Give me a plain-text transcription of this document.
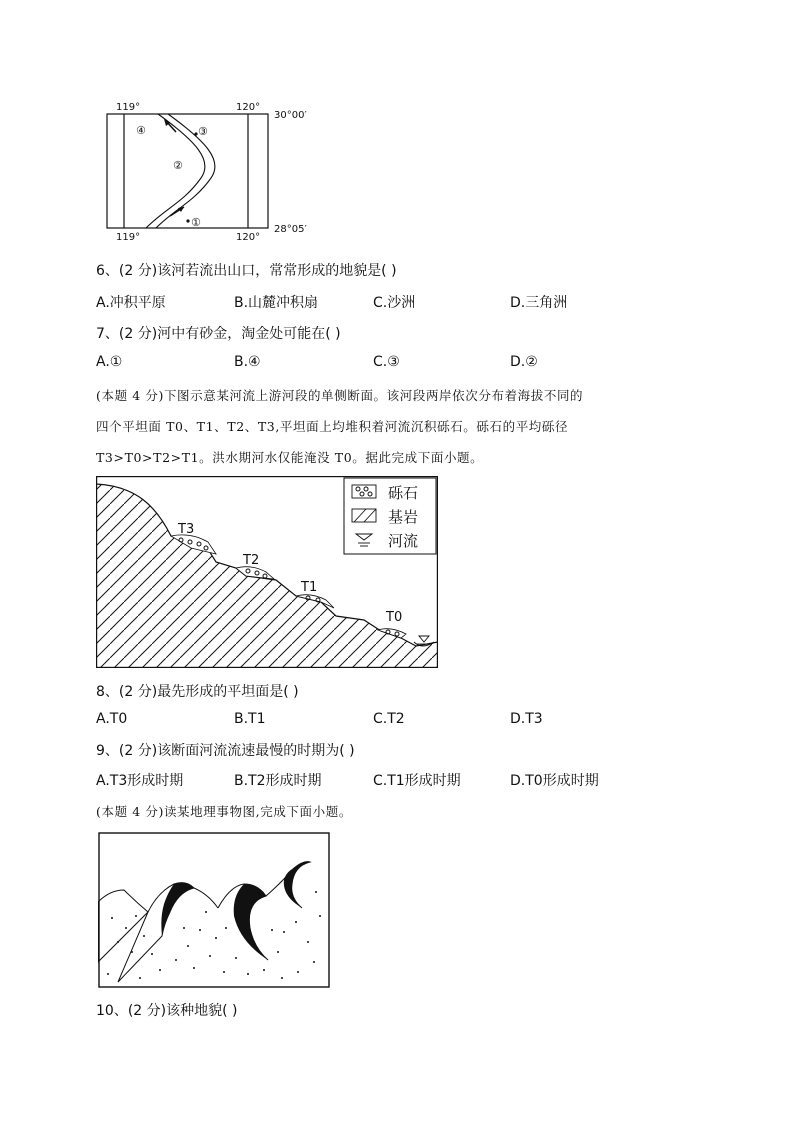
119°	120°
119°	120°
30°00′
28°05′
①
②
③
④
6、(2 分)该河若流出山口，常常形成的地貌是( )
A.冲积平原	B.山麓冲积扇	C.沙洲	D.三角洲
7、(2 分)河中有砂金，淘金处可能在( )
A.①	B.④	C.③	D.②
(本题 4 分)下图示意某河流上游河段的单侧断面。该河段两岸依次分布着海拔不同的
四个平坦面 T0、T1、T2、T3,平坦面上均堆积着河流沉积砾石。砾石的平均砾径
T3>T0>T2>T1。洪水期河水仅能淹没 T0。据此完成下面小题。
砾石
基岩
河流
T3
T2
T1
T0
8、(2 分)最先形成的平坦面是( )
A.T0	B.T1	C.T2	D.T3
9、(2 分)该断面河流流速最慢的时期为( )
A.T3形成时期	B.T2形成时期	C.T1形成时期	D.T0形成时期
(本题 4 分)读某地理事物图,完成下面小题。
10、(2 分)该种地貌( )
